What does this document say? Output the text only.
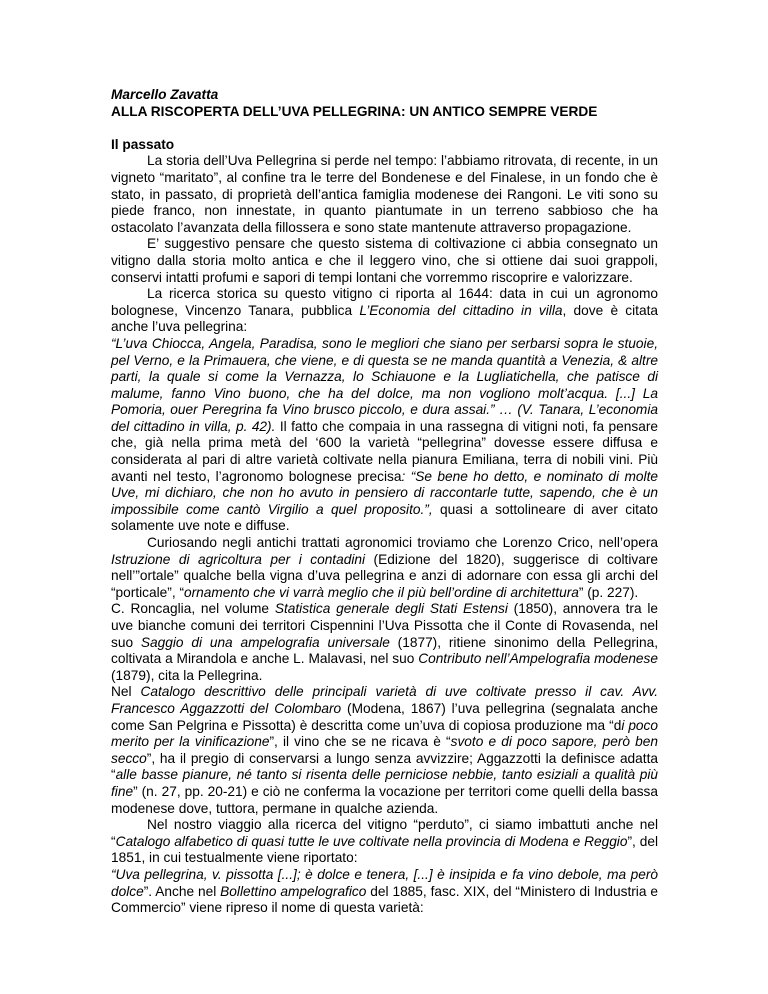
Marcello Zavatta
ALLA RISCOPERTA DELL’UVA PELLEGRINA: UN ANTICO SEMPRE VERDE
Il passato

La storia dell’Uva Pellegrina si perde nel tempo: l’abbiamo ritrovata, di recente, in un vigneto “maritato”, al confine tra le terre del Bondenese e del Finalese, in un fondo che è stato, in passato, di proprietà dell’antica famiglia modenese dei Rangoni. Le viti sono su piede franco, non innestate, in quanto piantumate in un terreno sabbioso che ha ostacolato l’avanzata della fillossera e sono state mantenute attraverso propagazione.

E’ suggestivo pensare che questo sistema di coltivazione ci abbia consegnato un vitigno dalla storia molto antica e che il leggero vino, che si ottiene dai suoi grappoli, conservi intatti profumi e sapori di tempi lontani che vorremmo riscoprire e valorizzare.

La ricerca storica su questo vitigno ci riporta al 1644: data in cui un agronomo bolognese, Vincenzo Tanara, pubblica L’Economia del cittadino in villa, dove è citata anche l’uva pellegrina:

“L’uva Chiocca, Angela, Paradisa, sono le megliori che siano per serbarsi sopra le stuoie, pel Verno, e la Primauera, che viene, e di questa se ne manda quantità a Venezia, & altre parti, la quale si come la Vernazza, lo Schiauone e la Lugliatichella, che patisce di malume, fanno Vino buono, che ha del dolce, ma non vogliono molt’acqua. [...] La Pomoria, ouer Peregrina fa Vino brusco piccolo, e dura assai.” … (V. Tanara, L’economia del cittadino in villa, p. 42). Il fatto che compaia in una rassegna di vitigni noti, fa pensare che, già nella prima metà del ‘600 la varietà “pellegrina” dovesse essere diffusa e considerata al pari di altre varietà coltivate nella pianura Emiliana, terra di nobili vini. Più avanti nel testo, l’agronomo bolognese precisa: “Se bene ho detto, e nominato di molte Uve, mi dichiaro, che non ho avuto in pensiero di raccontarle tutte, sapendo, che è un impossibile come cantò Virgilio a quel proposito.”, quasi a sottolineare di aver citato solamente uve note e diffuse.

Curiosando negli antichi trattati agronomici troviamo che Lorenzo Crico, nell’opera Istruzione di agricoltura per i contadini (Edizione del 1820), suggerisce di coltivare nell’”ortale” qualche bella vigna d’uva pellegrina e anzi di adornare con essa gli archi del “porticale”, “ornamento che vi varrà meglio che il più bell’ordine di architettura” (p. 227).

C. Roncaglia, nel volume Statistica generale degli Stati Estensi (1850), annovera tra le uve bianche comuni dei territori Cispennini l’Uva Pissotta che il Conte di Rovasenda, nel suo Saggio di una ampelografia universale (1877), ritiene sinonimo della Pellegrina, coltivata a Mirandola e anche L. Malavasi, nel suo Contributo nell’Ampelografia modenese (1879), cita la Pellegrina.

Nel Catalogo descrittivo delle principali varietà di uve coltivate presso il cav. Avv. Francesco Aggazzotti del Colombaro (Modena, 1867) l’uva pellegrina (segnalata anche come San Pelgrina e Pissotta) è descritta come un’uva di copiosa produzione ma “di poco merito per la vinificazione”, il vino che se ne ricava è “svoto e di poco sapore, però ben secco”, ha il pregio di conservarsi a lungo senza avvizzire; Aggazzotti la definisce adatta “alle basse pianure, né tanto si risenta delle perniciose nebbie, tanto esiziali a qualità più fine” (n. 27, pp. 20-21) e ciò ne conferma la vocazione per territori come quelli della bassa modenese dove, tuttora, permane in qualche azienda.

Nel nostro viaggio alla ricerca del vitigno “perduto”, ci siamo imbattuti anche nel “Catalogo alfabetico di quasi tutte le uve coltivate nella provincia di Modena e Reggio”, del 1851, in cui testualmente viene riportato:

“Uva pellegrina, v. pissotta [...]; è dolce e tenera, [...] è insipida e fa vino debole, ma però dolce”. Anche nel Bollettino ampelografico del 1885, fasc. XIX, del “Ministero di Industria e Commercio” viene ripreso il nome di questa varietà:
